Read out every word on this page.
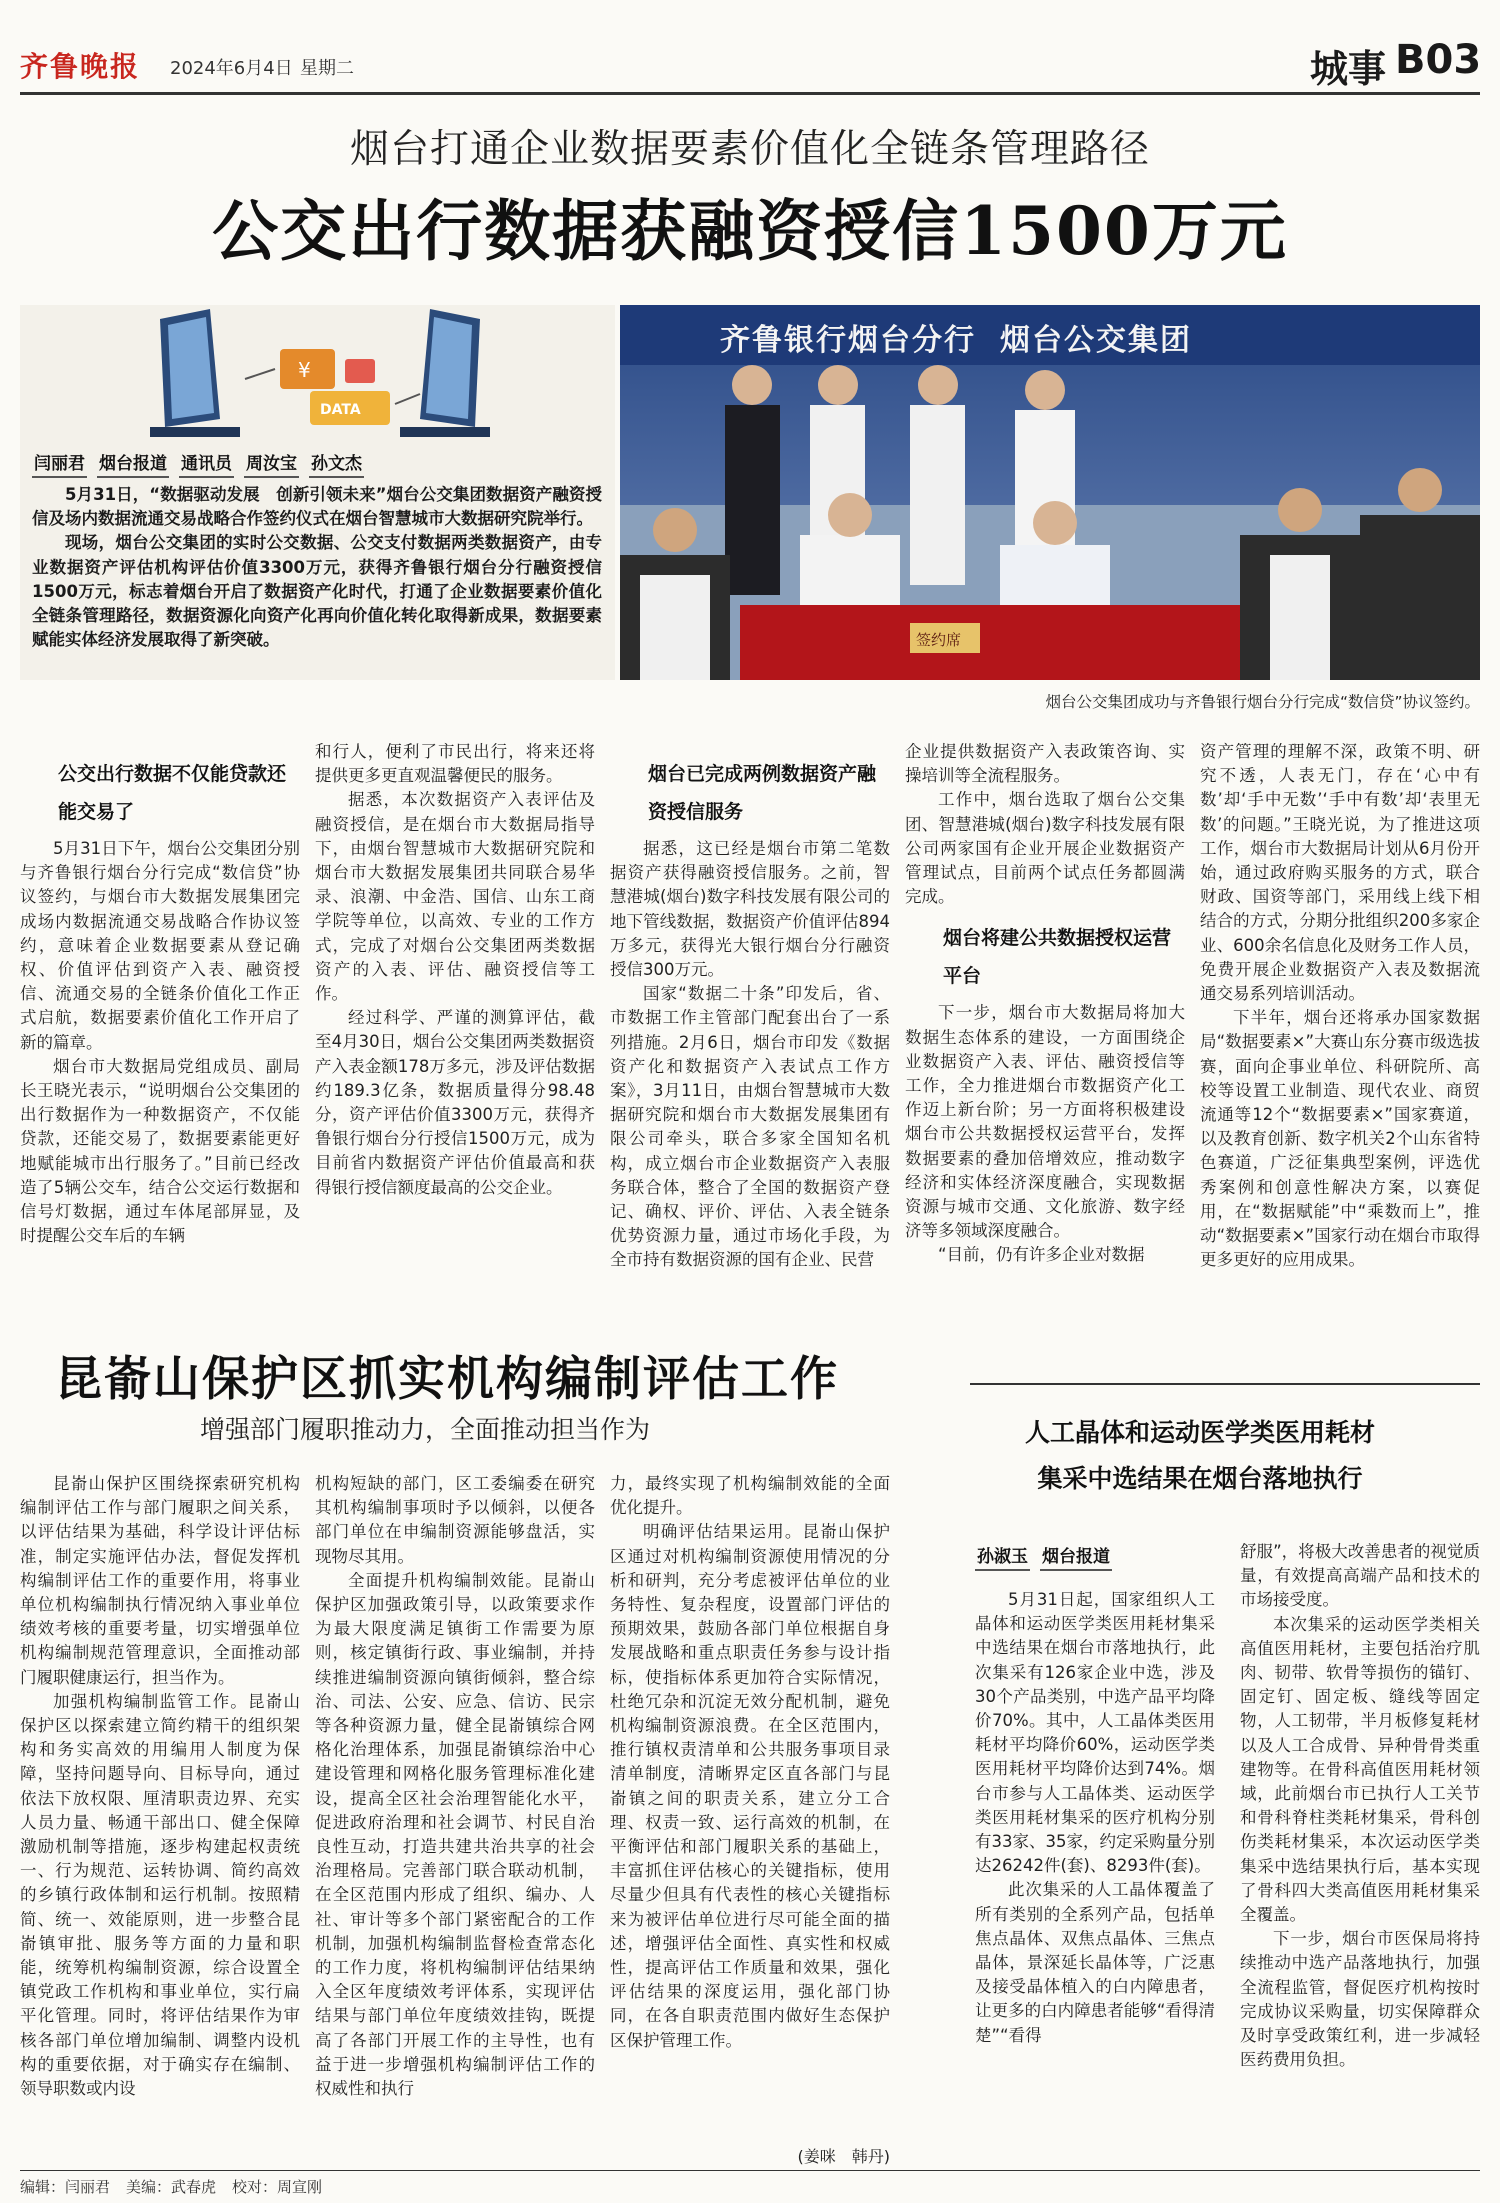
齐鲁晚报 2024年6月4日 星期二	城事 B03
烟台打通企业数据要素价值化全链条管理路径
公交出行数据获融资授信1500万元
¥
DATA
闫丽君 烟台报道 通讯员 周汝宝 孙文杰

5月31日，“数据驱动发展　创新引领未来”烟台公交集团数据资产融资授信及场内数据流通交易战略合作签约仪式在烟台智慧城市大数据研究院举行。

现场，烟台公交集团的实时公交数据、公交支付数据两类数据资产，由专业数据资产评估机构评估价值3300万元，获得齐鲁银行烟台分行融资授信1500万元，标志着烟台开启了数据资产化时代，打通了企业数据要素价值化全链条管理路径，数据资源化向资产化再向价值化转化取得新成果，数据要素赋能实体经济发展取得了新突破。	签约席
齐鲁银行烟台分行 烟台公交集团
烟台公交集团成功与齐鲁银行烟台分行完成“数信贷”协议签约。
公交出行数据不仅能贷款还能交易了

5月31日下午，烟台公交集团分别与齐鲁银行烟台分行完成“数信贷”协议签约，与烟台市大数据发展集团完成场内数据流通交易战略合作协议签约，意味着企业数据要素从登记确权、价值评估到资产入表、融资授信、流通交易的全链条价值化工作正式启航，数据要素价值化工作开启了新的篇章。

烟台市大数据局党组成员、副局长王晓光表示，“说明烟台公交集团的出行数据作为一种数据资产，不仅能贷款，还能交易了，数据要素能更好地赋能城市出行服务了。”目前已经改造了5辆公交车，结合公交运行数据和信号灯数据，通过车体尾部屏显，及时提醒公交车后的车辆

和行人，便利了市民出行，将来还将提供更多更直观温馨便民的服务。

据悉，本次数据资产入表评估及融资授信，是在烟台市大数据局指导下，由烟台智慧城市大数据研究院和烟台市大数据发展集团共同联合易华录、浪潮、中金浩、国信、山东工商学院等单位，以高效、专业的工作方式，完成了对烟台公交集团两类数据资产的入表、评估、融资授信等工作。

经过科学、严谨的测算评估，截至4月30日，烟台公交集团两类数据资产入表金额178万多元，涉及评估数据约189.3亿条，数据质量得分98.48分，资产评估价值3300万元，获得齐鲁银行烟台分行授信1500万元，成为目前省内数据资产评估价值最高和获得银行授信额度最高的公交企业。

烟台已完成两例数据资产融资授信服务

据悉，这已经是烟台市第二笔数据资产获得融资授信服务。之前，智慧港城(烟台)数字科技发展有限公司的地下管线数据，数据资产价值评估894万多元，获得光大银行烟台分行融资授信300万元。

国家“数据二十条”印发后，省、市数据工作主管部门配套出台了一系列措施。2月6日，烟台市印发《数据资产化和数据资产入表试点工作方案》，3月11日，由烟台智慧城市大数据研究院和烟台市大数据发展集团有限公司牵头，联合多家全国知名机构，成立烟台市企业数据资产入表服务联合体，整合了全国的数据资产登记、确权、评价、评估、入表全链条优势资源力量，通过市场化手段，为全市持有数据资源的国有企业、民营

企业提供数据资产入表政策咨询、实操培训等全流程服务。

工作中，烟台选取了烟台公交集团、智慧港城(烟台)数字科技发展有限公司两家国有企业开展企业数据资产管理试点，目前两个试点任务都圆满完成。

烟台将建公共数据授权运营平台

下一步，烟台市大数据局将加大数据生态体系的建设，一方面围绕企业数据资产入表、评估、融资授信等工作，全力推进烟台市数据资产化工作迈上新台阶；另一方面将积极建设烟台市公共数据授权运营平台，发挥数据要素的叠加倍增效应，推动数字经济和实体经济深度融合，实现数据资源与城市交通、文化旅游、数字经济等多领域深度融合。

“目前，仍有许多企业对数据

资产管理的理解不深，政策不明、研究不透，人表无门，存在‘心中有数’却‘手中无数’‘手中有数’却‘表里无数’的问题。”王晓光说，为了推进这项工作，烟台市大数据局计划从6月份开始，通过政府购买服务的方式，联合财政、国资等部门，采用线上线下相结合的方式，分期分批组织200多家企业、600余名信息化及财务工作人员，免费开展企业数据资产入表及数据流通交易系列培训活动。

下半年，烟台还将承办国家数据局“数据要素×”大赛山东分赛市级选拔赛，面向企事业单位、科研院所、高校等设置工业制造、现代农业、商贸流通等12个“数据要素×”国家赛道，以及教育创新、数字机关2个山东省特色赛道，广泛征集典型案例，评选优秀案例和创意性解决方案，以赛促用，在“数据赋能”中“乘数而上”，推动“数据要素×”国家行动在烟台市取得更多更好的应用成果。

昆嵛山保护区抓实机构编制评估工作
增强部门履职推动力，全面推动担当作为

昆嵛山保护区围绕探索研究机构编制评估工作与部门履职之间关系，以评估结果为基础，科学设计评估标准，制定实施评估办法，督促发挥机构编制评估工作的重要作用，将事业单位机构编制执行情况纳入事业单位绩效考核的重要考量，切实增强单位机构编制规范管理意识，全面推动部门履职健康运行，担当作为。

加强机构编制监管工作。昆嵛山保护区以探索建立简约精干的组织架构和务实高效的用编用人制度为保障，坚持问题导向、目标导向，通过依法下放权限、厘清职责边界、充实人员力量、畅通干部出口、健全保障激励机制等措施，逐步构建起权责统一、行为规范、运转协调、简约高效的乡镇行政体制和运行机制。按照精简、统一、效能原则，进一步整合昆嵛镇审批、服务等方面的力量和职能，统筹机构编制资源，综合设置全镇党政工作机构和事业单位，实行扁平化管理。同时，将评估结果作为审核各部门单位增加编制、调整内设机构的重要依据，对于确实存在编制、领导职数或内设

机构短缺的部门，区工委编委在研究其机构编制事项时予以倾斜，以便各部门单位在申编制资源能够盘活，实现物尽其用。

全面提升机构编制效能。昆嵛山保护区加强政策引导，以政策要求作为最大限度满足镇街工作需要为原则，核定镇街行政、事业编制，并持续推进编制资源向镇街倾斜，整合综治、司法、公安、应急、信访、民宗等各种资源力量，健全昆嵛镇综合网格化治理体系，加强昆嵛镇综治中心建设管理和网格化服务管理标准化建设，提高全区社会治理智能化水平，促进政府治理和社会调节、村民自治良性互动，打造共建共治共享的社会治理格局。完善部门联合联动机制，在全区范围内形成了组织、编办、人社、审计等多个部门紧密配合的工作机制，加强机构编制监督检查常态化的工作力度，将机构编制评估结果纳入全区年度绩效考评体系，实现评估结果与部门单位年度绩效挂钩，既提高了各部门开展工作的主导性，也有益于进一步增强机构编制评估工作的权威性和执行

力，最终实现了机构编制效能的全面优化提升。

明确评估结果运用。昆嵛山保护区通过对机构编制资源使用情况的分析和研判，充分考虑被评估单位的业务特性、复杂程度，设置部门评估的预期效果，鼓励各部门单位根据自身发展战略和重点职责任务参与设计指标，使指标体系更加符合实际情况，杜绝冗杂和沉淀无效分配机制，避免机构编制资源浪费。在全区范围内，推行镇权责清单和公共服务事项目录清单制度，清晰界定区直各部门与昆嵛镇之间的职责关系，建立分工合理、权责一致、运行高效的机制，在平衡评估和部门履职关系的基础上，丰富抓住评估核心的关键指标，使用尽量少但具有代表性的核心关键指标来为被评估单位进行尽可能全面的描述，增强评估全面性、真实性和权威性，提高评估工作质量和效果，强化评估结果的深度运用，强化部门协同，在各自职责范围内做好生态保护区保护管理工作。

(姜咪　韩丹)
人工晶体和运动医学类医用耗材
集采中选结果在烟台落地执行
孙淑玉 烟台报道

5月31日起，国家组织人工晶体和运动医学类医用耗材集采中选结果在烟台市落地执行，此次集采有126家企业中选，涉及30个产品类别，中选产品平均降价70%。其中，人工晶体类医用耗材平均降价60%，运动医学类医用耗材平均降价达到74%。烟台市参与人工晶体类、运动医学类医用耗材集采的医疗机构分别有33家、35家，约定采购量分别达26242件(套)、8293件(套)。

此次集采的人工晶体覆盖了所有类别的全系列产品，包括单焦点晶体、双焦点晶体、三焦点晶体，景深延长晶体等，广泛惠及接受晶体植入的白内障患者，让更多的白内障患者能够“看得清楚”“看得

舒服”，将极大改善患者的视觉质量，有效提高高端产品和技术的市场接受度。

本次集采的运动医学类相关高值医用耗材，主要包括治疗肌肉、韧带、软骨等损伤的锚钉、固定钉、固定板、缝线等固定物，人工韧带，半月板修复耗材以及人工合成骨、异种骨骨类重建物等。在骨科高值医用耗材领域，此前烟台市已执行人工关节和骨科脊柱类耗材集采，骨科创伤类耗材集采，本次运动医学类集采中选结果执行后，基本实现了骨科四大类高值医用耗材集采全覆盖。

下一步，烟台市医保局将持续推动中选产品落地执行，加强全流程监管，督促医疗机构按时完成协议采购量，切实保障群众及时享受政策红利，进一步减轻医药费用负担。

编辑：闫丽君 美编：武春虎 校对：周宣刚
